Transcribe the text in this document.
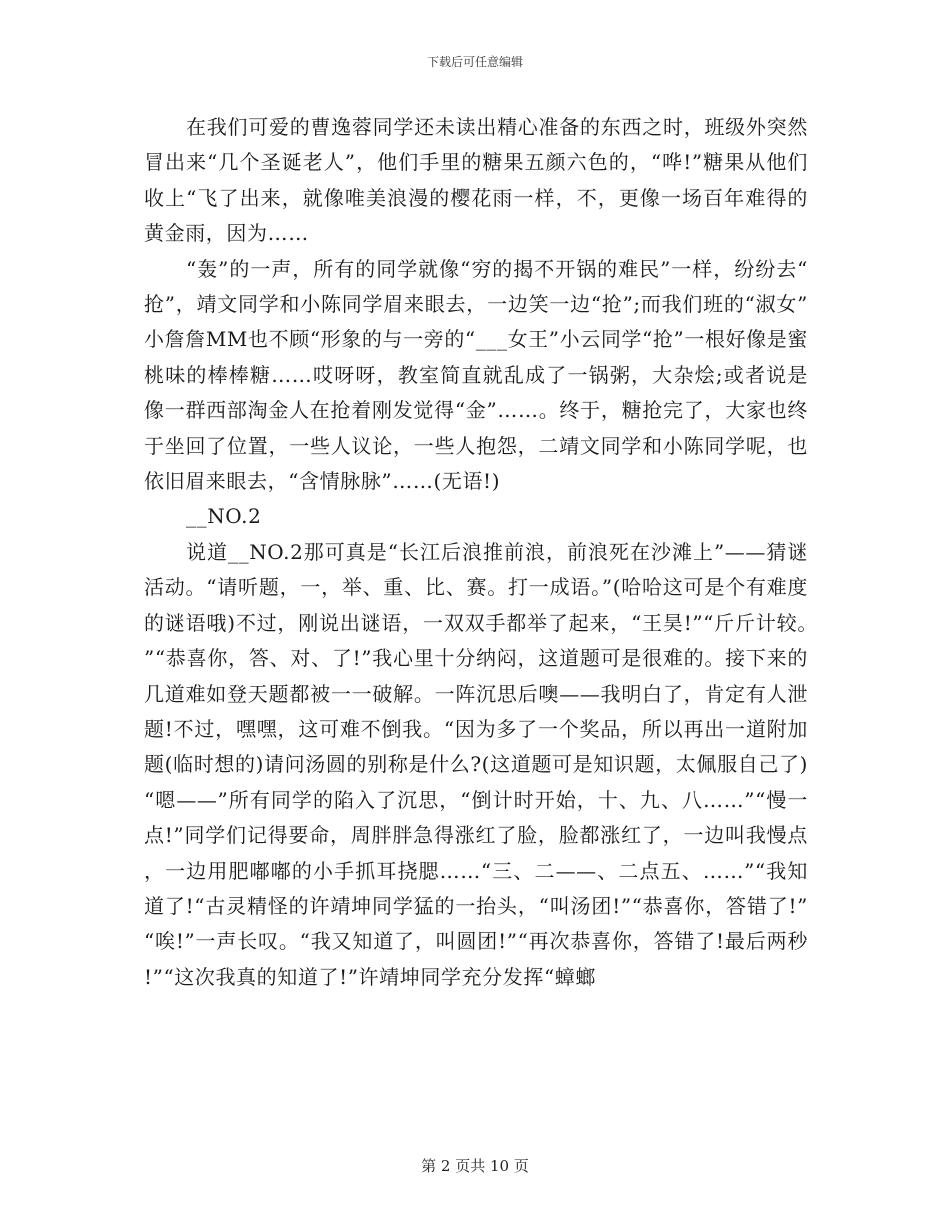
下载后可任意编辑

在我们可爱的曹逸蓉同学还未读出精心准备的东西之时，班级外突然冒出来“几个圣诞老人”，他们手里的糖果五颜六色的，“哗!”糖果从他们收上“飞了出来，就像唯美浪漫的樱花雨一样，不，更像一场百年难得的黄金雨，因为……

“轰”的一声，所有的同学就像“穷的揭不开锅的难民”一样，纷纷去“抢”，靖文同学和小陈同学眉来眼去，一边笑一边“抢”;而我们班的“淑女”小詹詹MM也不顾“形象的与一旁的“___女王”小云同学“抢”一根好像是蜜桃味的棒棒糖……哎呀呀，教室简直就乱成了一锅粥，大杂烩;或者说是像一群西部淘金人在抢着刚发觉得“金”……。终于，糖抢完了，大家也终于坐回了位置，一些人议论，一些人抱怨，二靖文同学和小陈同学呢，也依旧眉来眼去，“含情脉脉”……(无语!)

__NO.2

说道__NO.2那可真是“长江后浪推前浪，前浪死在沙滩上”——猜谜活动。“请听题，一，举、重、比、赛。打一成语。”(哈哈这可是个有难度的谜语哦)不过，刚说出谜语，一双双手都举了起来，“王昊!”“斤斤计较。”“恭喜你，答、对、了!”我心里十分纳闷，这道题可是很难的。接下来的几道难如登天题都被一一破解。一阵沉思后噢——我明白了，肯定有人泄题!不过，嘿嘿，这可难不倒我。“因为多了一个奖品，所以再出一道附加题(临时想的)请问汤圆的别称是什么?(这道题可是知识题，太佩服自己了)“嗯——”所有同学的陷入了沉思，“倒计时开始，十、九、八……”“慢一点!”同学们记得要命，周胖胖急得涨红了脸，脸都涨红了，一边叫我慢点，一边用肥嘟嘟的小手抓耳挠腮……“三、二——、二点五、……”“我知道了!“古灵精怪的许靖坤同学猛的一抬头，“叫汤团!”“恭喜你，答错了!”“唉!”一声长叹。“我又知道了，叫圆团!”“再次恭喜你，答错了!最后两秒!”“这次我真的知道了!”许靖坤同学充分发挥“蟑螂

第 2 页共 10 页
